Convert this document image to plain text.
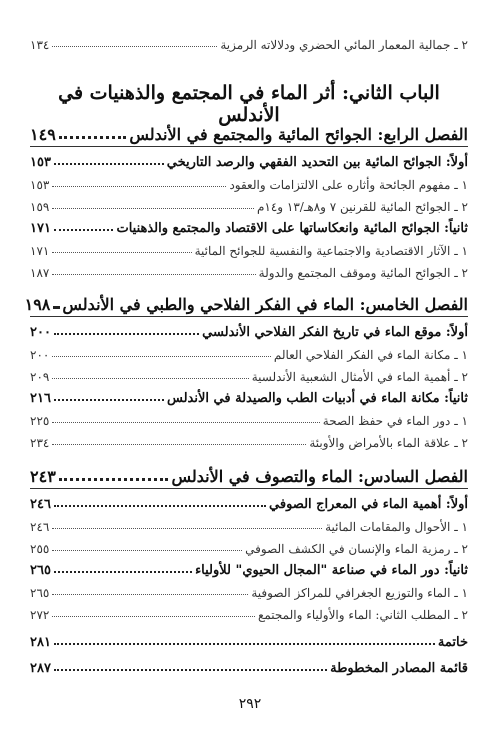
٢ ـ جمالية المعمار المائي الحضري ودلالاته الرمزية
١٣٤
الباب الثاني: أثر الماء في المجتمع والذهنيات في الأندلس
الفصل الرابع: الجوائح المائية والمجتمع في الأندلس
١٤٩
أولاً: الجوائح المائية بين التحديد الفقهي والرصد التاريخي
١٥٣
١ ـ مفهوم الجائحة وأثاره على الالتزامات والعقود
١٥٣
٢ ـ الجوائح المائية للقرنين ٧ و٨هـ/١٣ و١٤م
١٥٩
ثانياً: الجوائح المائية وانعكاساتها على الاقتصاد والمجتمع والذهنيات
١٧١
١ ـ الآثار الاقتصادية والاجتماعية والنفسية للجوائح المائية
١٧١
٢ ـ الجوائح المائية وموقف المجتمع والدولة
١٨٧
الفصل الخامس: الماء في الفكر الفلاحي والطبي في الأندلس
١٩٨
أولاً: موقع الماء في تاريخ الفكر الفلاحي الأندلسي
٢٠٠
١ ـ مكانة الماء في الفكر الفلاحي العالم
٢٠٠
٢ ـ أهمية الماء في الأمثال الشعبية الأندلسية
٢٠٩
ثانياً: مكانة الماء في أدبيات الطب والصيدلة في الأندلس
٢١٦
١ ـ دور الماء في حفظ الصحة
٢٢٥
٢ ـ علاقة الماء بالأمراض والأوبئة
٢٣٤
الفصل السادس: الماء والتصوف في الأندلس
٢٤٣
أولاً: أهمية الماء في المعراج الصوفي
٢٤٦
١ ـ الأحوال والمقامات المائية
٢٤٦
٢ ـ رمزية الماء والإنسان في الكشف الصوفي
٢٥٥
ثانياً: دور الماء في صناعة "المجال الحيوي" للأولياء
٢٦٥
١ ـ الماء والتوزيع الجغرافي للمراكز الصوفية
٢٦٥
٢ ـ المطلب الثاني: الماء والأولياء والمجتمع
٢٧٢
خاتمة
٢٨١
قائمة المصادر المخطوطة
٢٨٧
٢٩٢
